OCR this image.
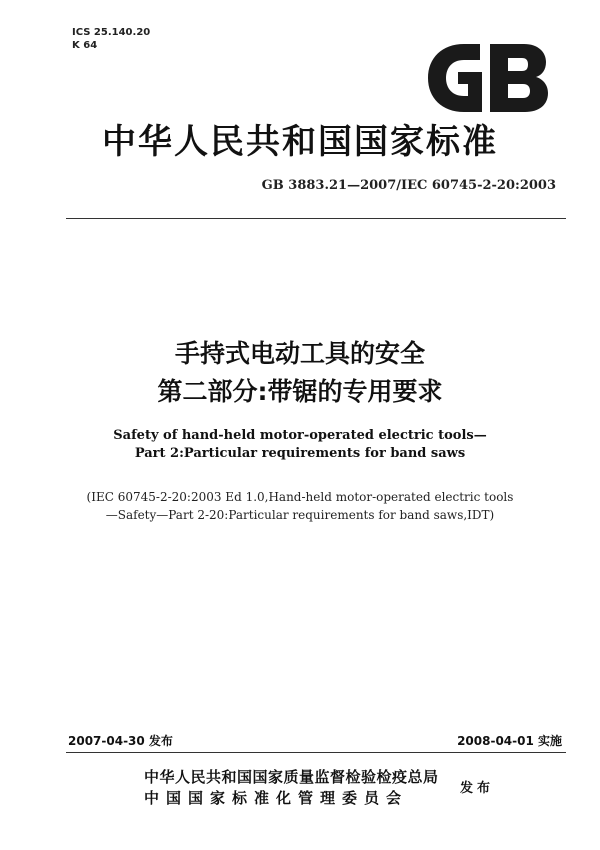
ICS 25.140.20
K 64
中华人民共和国国家标准
GB 3883.21—2007/IEC 60745-2-20:2003
手持式电动工具的安全
第二部分:带锯的专用要求
Safety of hand-held motor-operated electric tools—
Part 2:Particular requirements for band saws
(IEC 60745-2-20:2003 Ed 1.0,Hand-held motor-operated electric tools
—Safety—Part 2-20:Particular requirements for band saws,IDT)
2007-04-30 发布	2008-04-01 实施
中华人民共和国国家质量监督检验检疫总局
中国国家标准化管理委员会
发布
